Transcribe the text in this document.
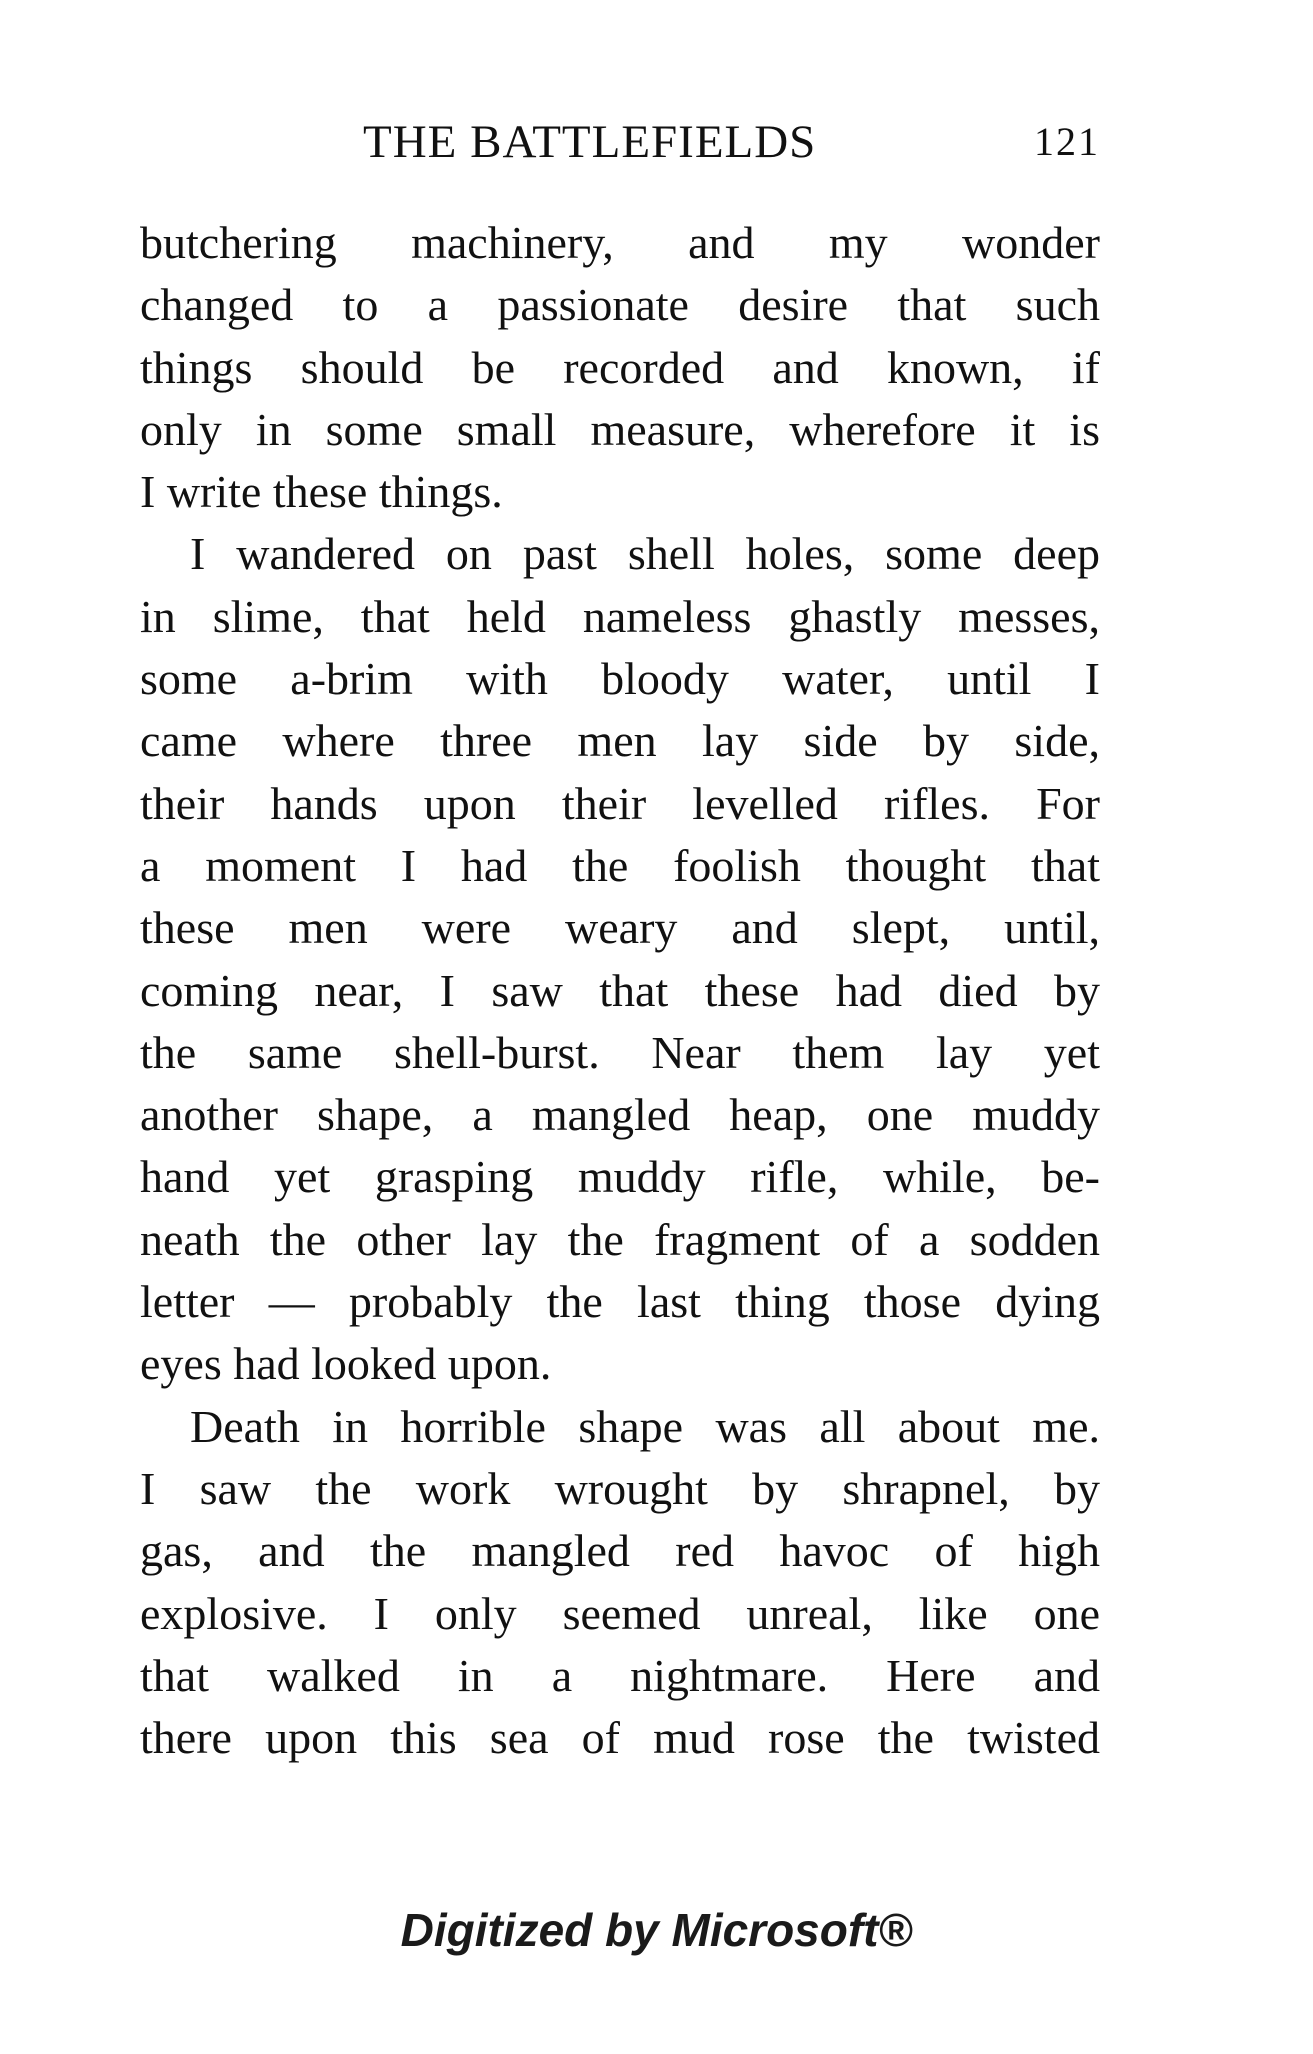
THE BATTLEFIELDS	121
butchering machinery, and my wonder
changed to a passionate desire that such
things should be recorded and known, if
only in some small measure, wherefore it is
I write these things.
I wandered on past shell holes, some deep
in slime, that held nameless ghastly messes,
some a-brim with bloody water, until I
came where three men lay side by side,
their hands upon their levelled rifles. For
a moment I had the foolish thought that
these men were weary and slept, until,
coming near, I saw that these had died by
the same shell-burst. Near them lay yet
another shape, a mangled heap, one muddy
hand yet grasping muddy rifle, while, be-
neath the other lay the fragment of a sodden
letter — probably the last thing those dying
eyes had looked upon.
Death in horrible shape was all about me.
I saw the work wrought by shrapnel, by
gas, and the mangled red havoc of high
explosive. I only seemed unreal, like one
that walked in a nightmare. Here and
there upon this sea of mud rose the twisted
Digitized by Microsoft®
